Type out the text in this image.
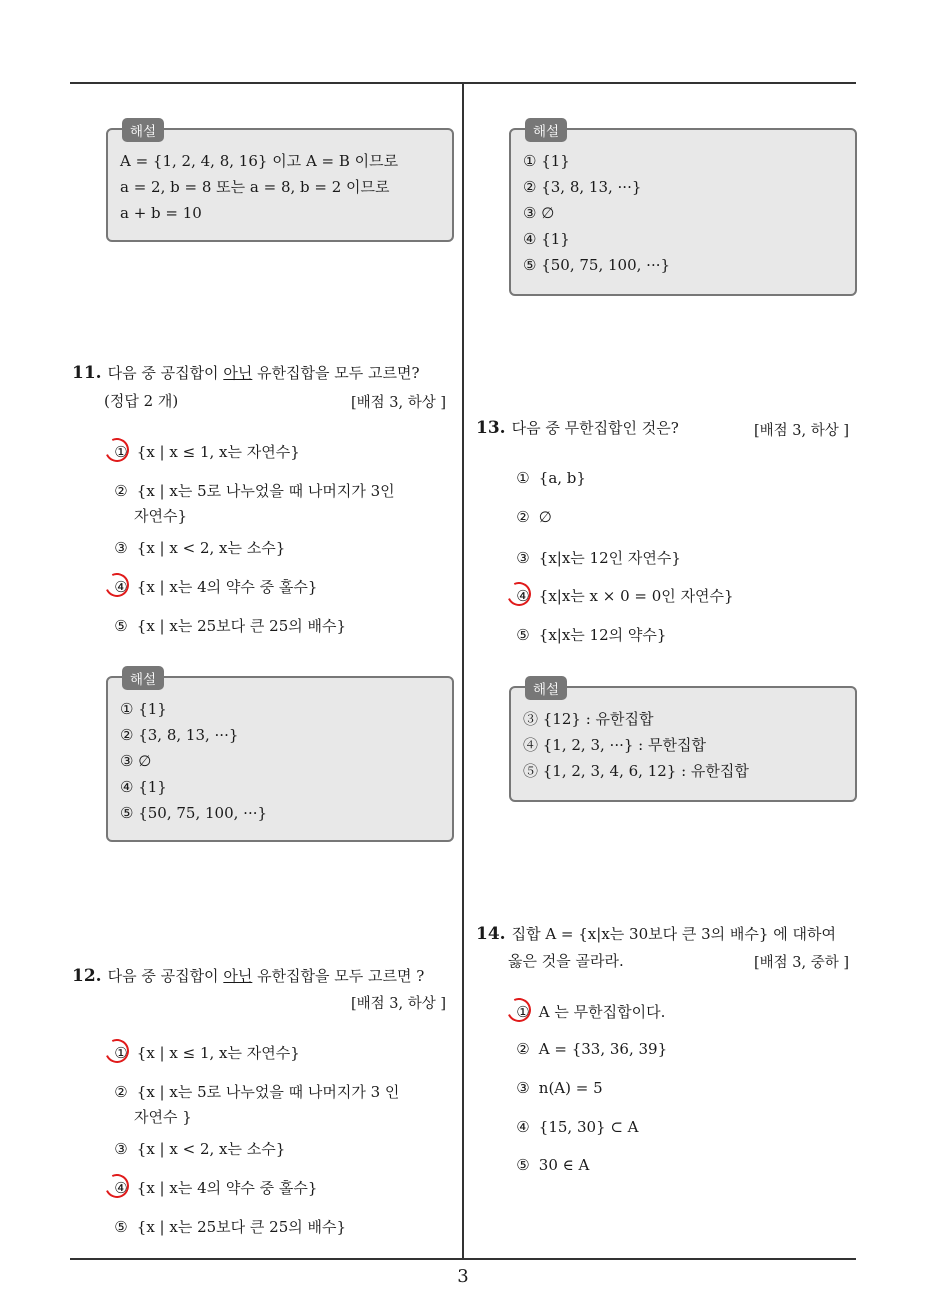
해설
A = {1, 2, 4, 8, 16} 이고 A = B 이므로
a = 2, b = 8 또는 a = 8, b = 2 이므로
a + b = 10
11. 다음 중 공집합이 아닌 유한집합을 모두 고르면?
(정답 2 개)	[배점 3, 하상 ]
① {x | x ≤ 1, x는 자연수}
② {x | x는 5로 나누었을 때 나머지가 3인
자연수}
③ {x | x < 2, x는 소수}
④ {x | x는 4의 약수 중 홀수}
⑤ {x | x는 25보다 큰 25의 배수}
해설
① {1}
② {3, 8, 13, ···}
③ ∅
④ {1}
⑤ {50, 75, 100, ···}
12. 다음 중 공집합이 아닌 유한집합을 모두 고르면 ?
[배점 3, 하상 ]
① {x | x ≤ 1, x는 자연수}
② {x | x는 5로 나누었을 때 나머지가 3 인
자연수 }
③ {x | x < 2, x는 소수}
④ {x | x는 4의 약수 중 홀수}
⑤ {x | x는 25보다 큰 25의 배수}
해설
① {1}
② {3, 8, 13, ···}
③ ∅
④ {1}
⑤ {50, 75, 100, ···}
13. 다음 중 무한집합인 것은?	[배점 3, 하상 ]
① {a, b}
② ∅
③ {x|x는 12인 자연수}
④ {x|x는 x × 0 = 0인 자연수}
⑤ {x|x는 12의 약수}
해설
③ {12} : 유한집합
④ {1, 2, 3, ···} : 무한집합
⑤ {1, 2, 3, 4, 6, 12} : 유한집합
14. 집합 A = {x|x는 30보다 큰 3의 배수} 에 대하여
옳은 것을 골라라.	[배점 3, 중하 ]
① A 는 무한집합이다.
② A = {33, 36, 39}
③ n(A) = 5
④ {15, 30} ⊂ A
⑤ 30 ∈ A
3
